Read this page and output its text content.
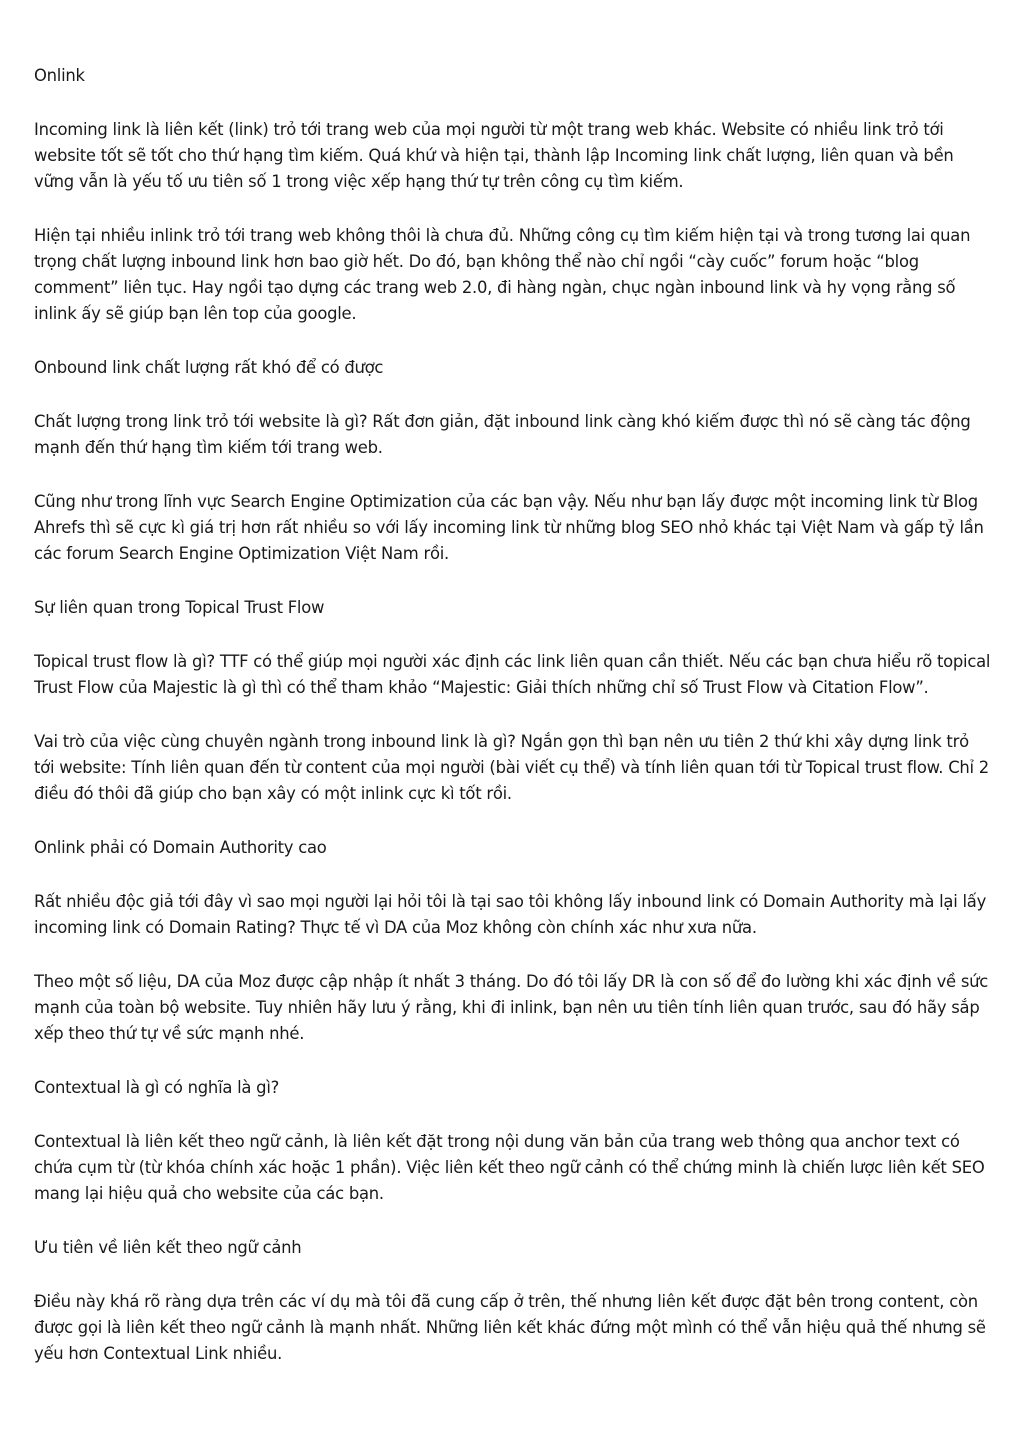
Onlink
Incoming link là liên kết (link) trỏ tới trang web của mọi người từ một trang web khác. Website có nhiều link trỏ tới website tốt sẽ tốt cho thứ hạng tìm kiếm. Quá khứ và hiện tại, thành lập Incoming link chất lượng, liên quan và bền vững vẫn là yếu tố ưu tiên số 1 trong việc xếp hạng thứ tự trên công cụ tìm kiếm.
Hiện tại nhiều inlink trỏ tới trang web không thôi là chưa đủ. Những công cụ tìm kiếm hiện tại và trong tương lai quan trọng chất lượng inbound link hơn bao giờ hết. Do đó, bạn không thể nào chỉ ngồi “cày cuốc” forum hoặc “blog comment” liên tục. Hay ngồi tạo dựng các trang web 2.0, đi hàng ngàn, chục ngàn inbound link và hy vọng rằng số inlink ấy sẽ giúp bạn lên top của google.
Onbound link chất lượng rất khó để có được
Chất lượng trong link trỏ tới website là gì? Rất đơn giản, đặt inbound link càng khó kiếm được thì nó sẽ càng tác động mạnh đến thứ hạng tìm kiếm tới trang web.
Cũng như trong lĩnh vực Search Engine Optimization của các bạn vậy. Nếu như bạn lấy được một incoming link từ Blog Ahrefs thì sẽ cực kì giá trị hơn rất nhiều so với lấy incoming link từ những blog SEO nhỏ khác tại Việt Nam và gấp tỷ lần các forum Search Engine Optimization Việt Nam rồi.
Sự liên quan trong Topical Trust Flow
Topical trust flow là gì? TTF có thể giúp mọi người xác định các link liên quan cần thiết. Nếu các bạn chưa hiểu rõ topical Trust Flow của Majestic là gì thì có thể tham khảo “Majestic: Giải thích những chỉ số Trust Flow và Citation Flow”.
Vai trò của việc cùng chuyên ngành trong inbound link là gì? Ngắn gọn thì bạn nên ưu tiên 2 thứ khi xây dựng link trỏ tới website: Tính liên quan đến từ content của mọi người (bài viết cụ thể) và tính liên quan tới từ Topical trust flow. Chỉ 2 điều đó thôi đã giúp cho bạn xây có một inlink cực kì tốt rồi.
Onlink phải có Domain Authority cao
Rất nhiều độc giả tới đây vì sao mọi người lại hỏi tôi là tại sao tôi không lấy inbound link có Domain Authority mà lại lấy incoming link có Domain Rating? Thực tế vì DA của Moz không còn chính xác như xưa nữa.
Theo một số liệu, DA của Moz được cập nhập ít nhất 3 tháng. Do đó tôi lấy DR là con số để đo lường khi xác định về sức mạnh của toàn bộ website. Tuy nhiên hãy lưu ý rằng, khi đi inlink, bạn nên ưu tiên tính liên quan trước, sau đó hãy sắp xếp theo thứ tự về sức mạnh nhé.
Contextual là gì có nghĩa là gì?
Contextual là liên kết theo ngữ cảnh, là liên kết đặt trong nội dung văn bản của trang web thông qua anchor text có chứa cụm từ (từ khóa chính xác hoặc 1 phần). Việc liên kết theo ngữ cảnh có thể chứng minh là chiến lược liên kết SEO mang lại hiệu quả cho website của các bạn.
Ưu tiên về liên kết theo ngữ cảnh
Điều này khá rõ ràng dựa trên các ví dụ mà tôi đã cung cấp ở trên, thế nhưng liên kết được đặt bên trong content, còn được gọi là liên kết theo ngữ cảnh là mạnh nhất. Những liên kết khác đứng một mình có thể vẫn hiệu quả thế nhưng sẽ yếu hơn Contextual Link nhiều.
